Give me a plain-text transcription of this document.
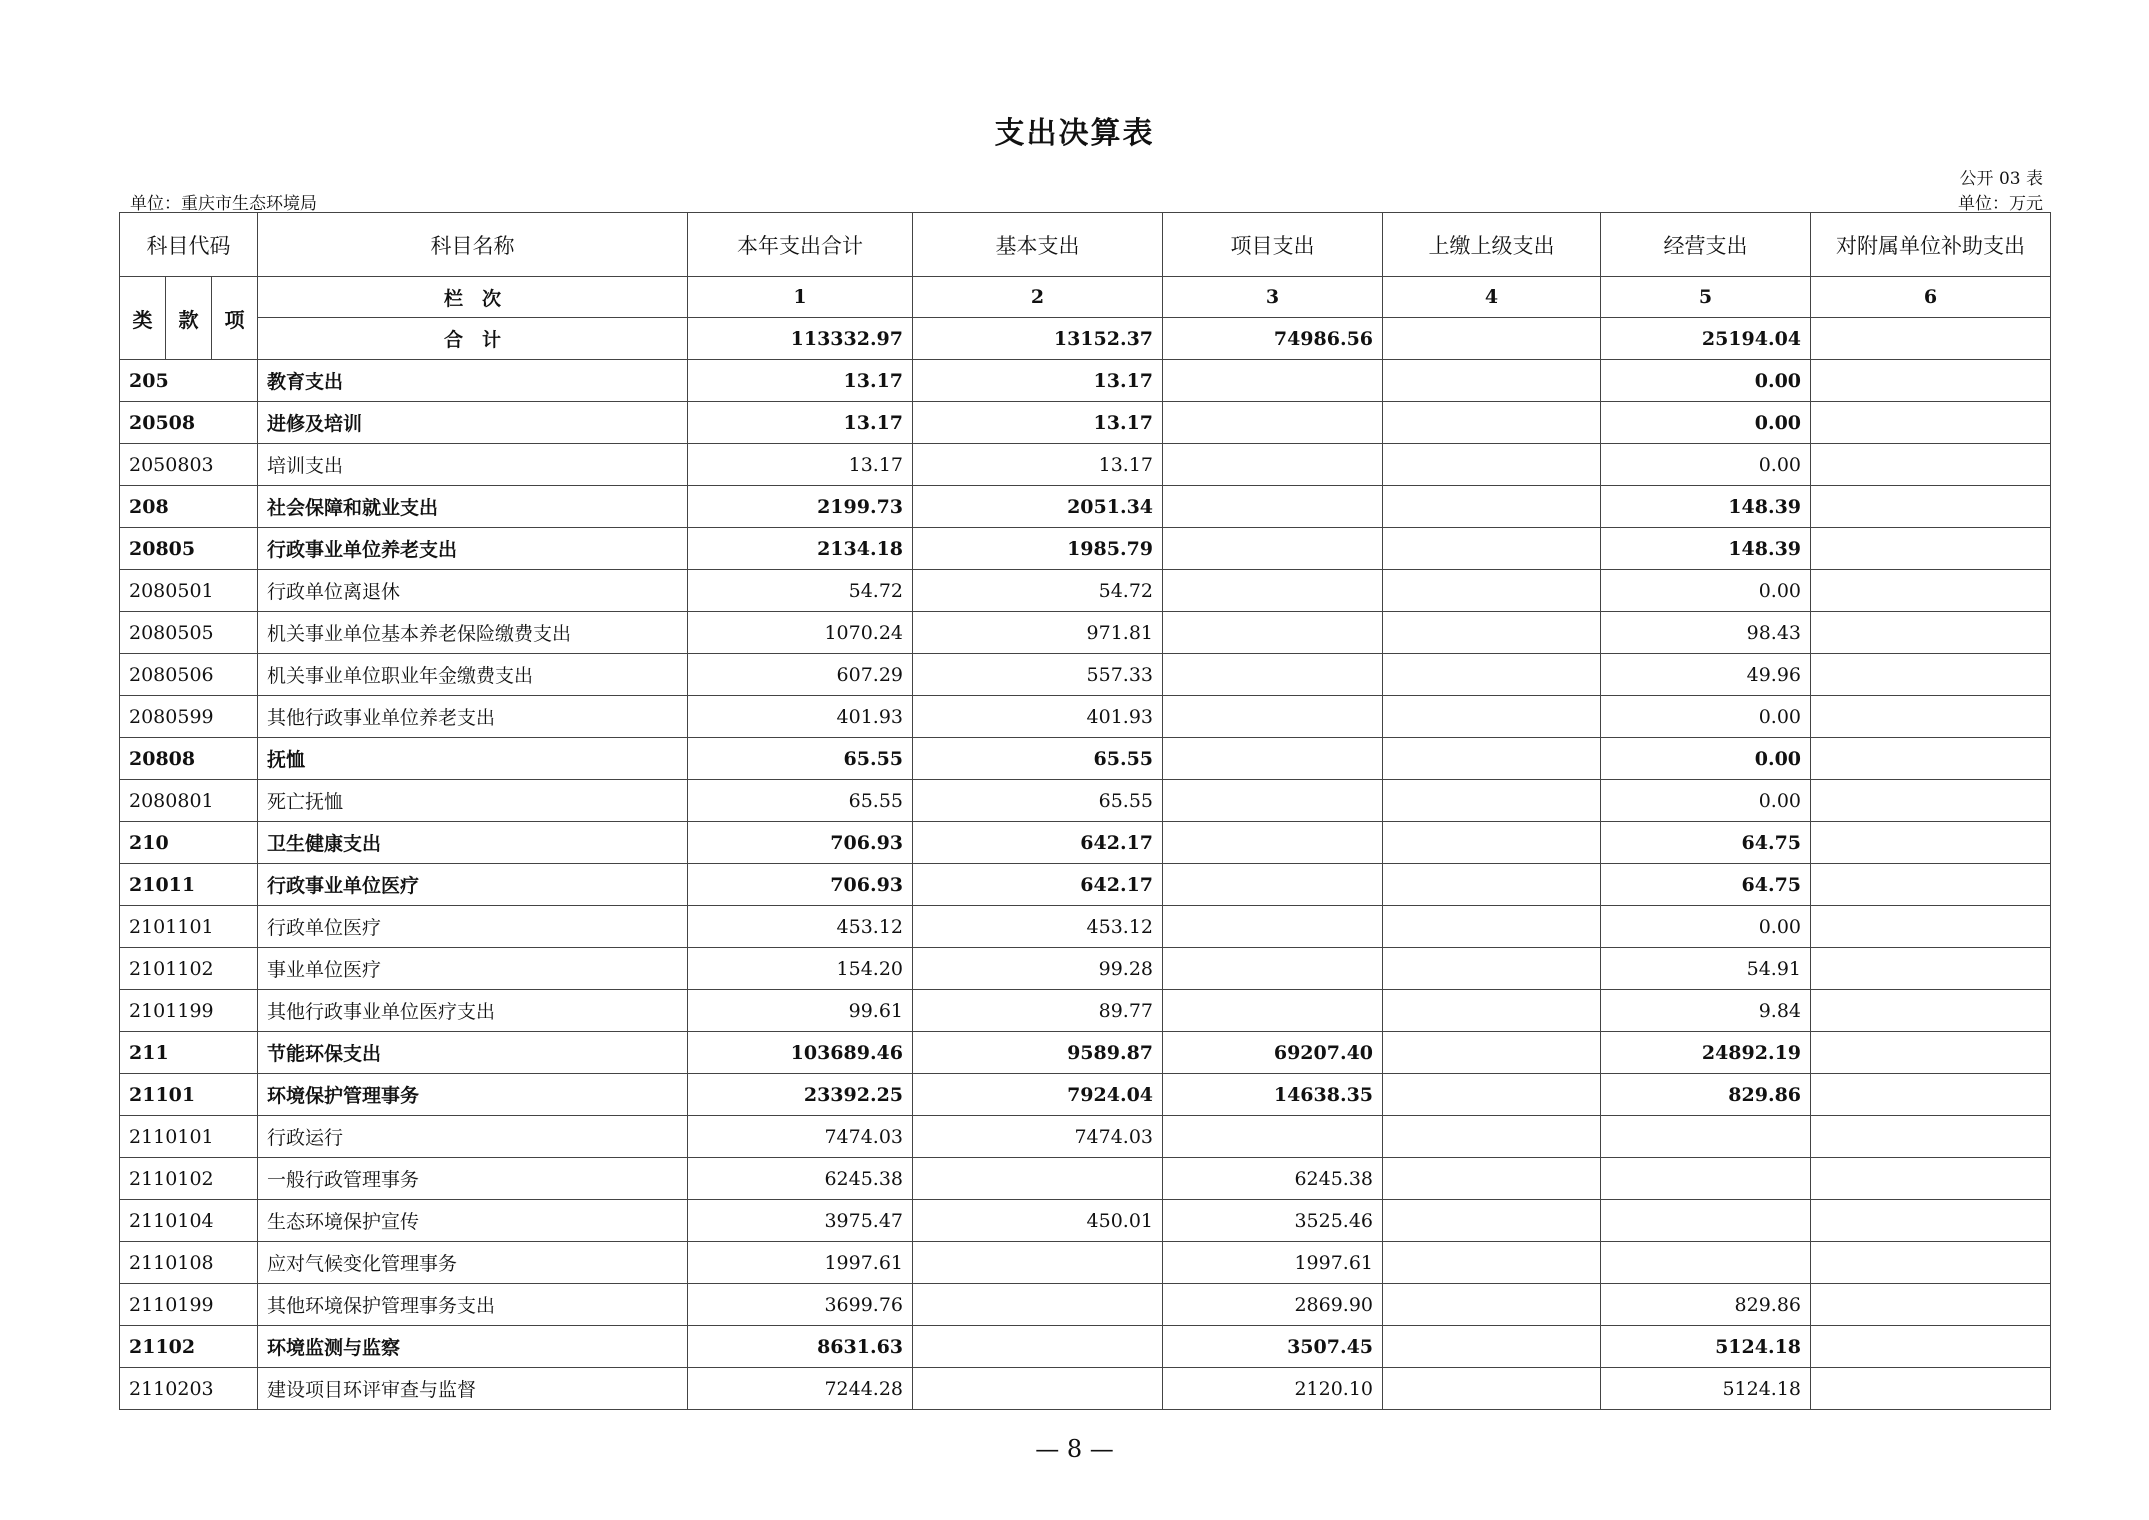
支出决算表
公开 03 表
单位：重庆市生态环境局	单位：万元
科目代码			科目名称	本年支出合计	基本支出	项目支出	上缴上级支出	经营支出	对附属单位补助支出
类	款	项	栏　次	1	2	3	4	5	6
			合　计	113332.97	13152.37	74986.56		25194.04	
205			教育支出	13.17	13.17			0.00	
20508			进修及培训	13.17	13.17			0.00	
2050803			培训支出	13.17	13.17			0.00	
208			社会保障和就业支出	2199.73	2051.34			148.39	
20805			行政事业单位养老支出	2134.18	1985.79			148.39	
2080501			行政单位离退休	54.72	54.72			0.00	
2080505			机关事业单位基本养老保险缴费支出	1070.24	971.81			98.43	
2080506			机关事业单位职业年金缴费支出	607.29	557.33			49.96	
2080599			其他行政事业单位养老支出	401.93	401.93			0.00	
20808			抚恤	65.55	65.55			0.00	
2080801			死亡抚恤	65.55	65.55			0.00	
210			卫生健康支出	706.93	642.17			64.75	
21011			行政事业单位医疗	706.93	642.17			64.75	
2101101			行政单位医疗	453.12	453.12			0.00	
2101102			事业单位医疗	154.20	99.28			54.91	
2101199			其他行政事业单位医疗支出	99.61	89.77			9.84	
211			节能环保支出	103689.46	9589.87	69207.40		24892.19	
21101			环境保护管理事务	23392.25	7924.04	14638.35		829.86	
2110101			行政运行	7474.03	7474.03				
2110102			一般行政管理事务	6245.38		6245.38			
2110104			生态环境保护宣传	3975.47	450.01	3525.46			
2110108			应对气候变化管理事务	1997.61		1997.61			
2110199			其他环境保护管理事务支出	3699.76		2869.90		829.86	
21102			环境监测与监察	8631.63		3507.45		5124.18	
2110203			建设项目环评审查与监督	7244.28		2120.10		5124.18	
— 8 —
